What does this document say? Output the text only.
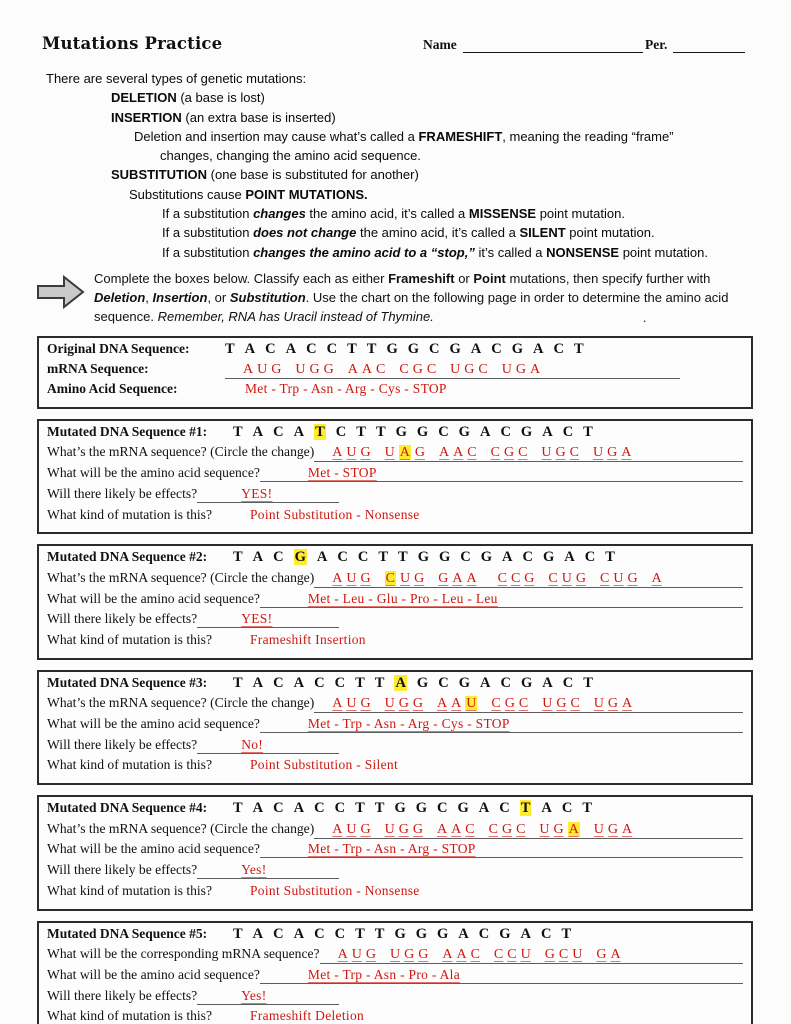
Mutations Practice	Name	Per.
There are several types of genetic mutations:
DELETION (a base is lost)
INSERTION (an extra base is inserted)
Deletion and insertion may cause what’s called a FRAMESHIFT, meaning the reading “frame”
changes, changing the amino acid sequence.
SUBSTITUTION (one base is substituted for another)
Substitutions cause POINT MUTATIONS.
If a substitution changes the amino acid, it’s called a MISSENSE point mutation.
If a substitution does not change the amino acid, it’s called a SILENT point mutation.
If a substitution changes the amino acid to a “stop,” it’s called a NONSENSE point mutation.
.
Complete the boxes below. Classify each as either Frameshift or Point mutations, then specify further with
Deletion, Insertion, or Substitution. Use the chart on the following page in order to determine the amino acid
sequence. Remember, RNA has Uracil instead of Thymine.
Original DNA Sequence:	T A C A C C T T G G C G A C G A C T
mRNA Sequence:	A U G U G G A A C C G C U G C U G A
Amino Acid Sequence:	Met - Trp - Asn - Arg - Cys - STOP
Mutated DNA Sequence #1:	T A C A T C T T G G C G A C G A C T
What’s the mRNA sequence? (Circle the change) A U G U A G A A C C G C U G C U G A
What will be the amino acid sequence?	Met - STOP
Will there likely be effects?	YES!
What kind of mutation is this?	Point Substitution - Nonsense
Mutated DNA Sequence #2:	T A C G A C C T T G G C G A C G A C T
What’s the mRNA sequence? (Circle the change) A U G C U G G A A C C G C U G C U G A
What will be the amino acid sequence?	Met - Leu - Glu - Pro - Leu - Leu
Will there likely be effects?	YES!
What kind of mutation is this?	Frameshift Insertion
Mutated DNA Sequence #3:	T A C A C C T T A G C G A C G A C T
What’s the mRNA sequence? (Circle the change) A U G U G G A A U C G C U G C U G A
What will be the amino acid sequence?	Met - Trp - Asn - Arg - Cys - STOP
Will there likely be effects?	No!
What kind of mutation is this?	Point Substitution - Silent
Mutated DNA Sequence #4:	T A C A C C T T G G C G A C T A C T
What’s the mRNA sequence? (Circle the change) A U G U G G A A C C G C U G A U G A
What will be the amino acid sequence?	Met - Trp - Asn - Arg - STOP
Will there likely be effects?	Yes!
What kind of mutation is this?	Point Substitution - Nonsense
Mutated DNA Sequence #5:	T A C A C C T T G G G A C G A C T
What will be the corresponding mRNA sequence? A U G U G G A A C C C U G C U G A
What will be the amino acid sequence?	Met - Trp - Asn - Pro - Ala
Will there likely be effects?	Yes!
What kind of mutation is this?	Frameshift Deletion
